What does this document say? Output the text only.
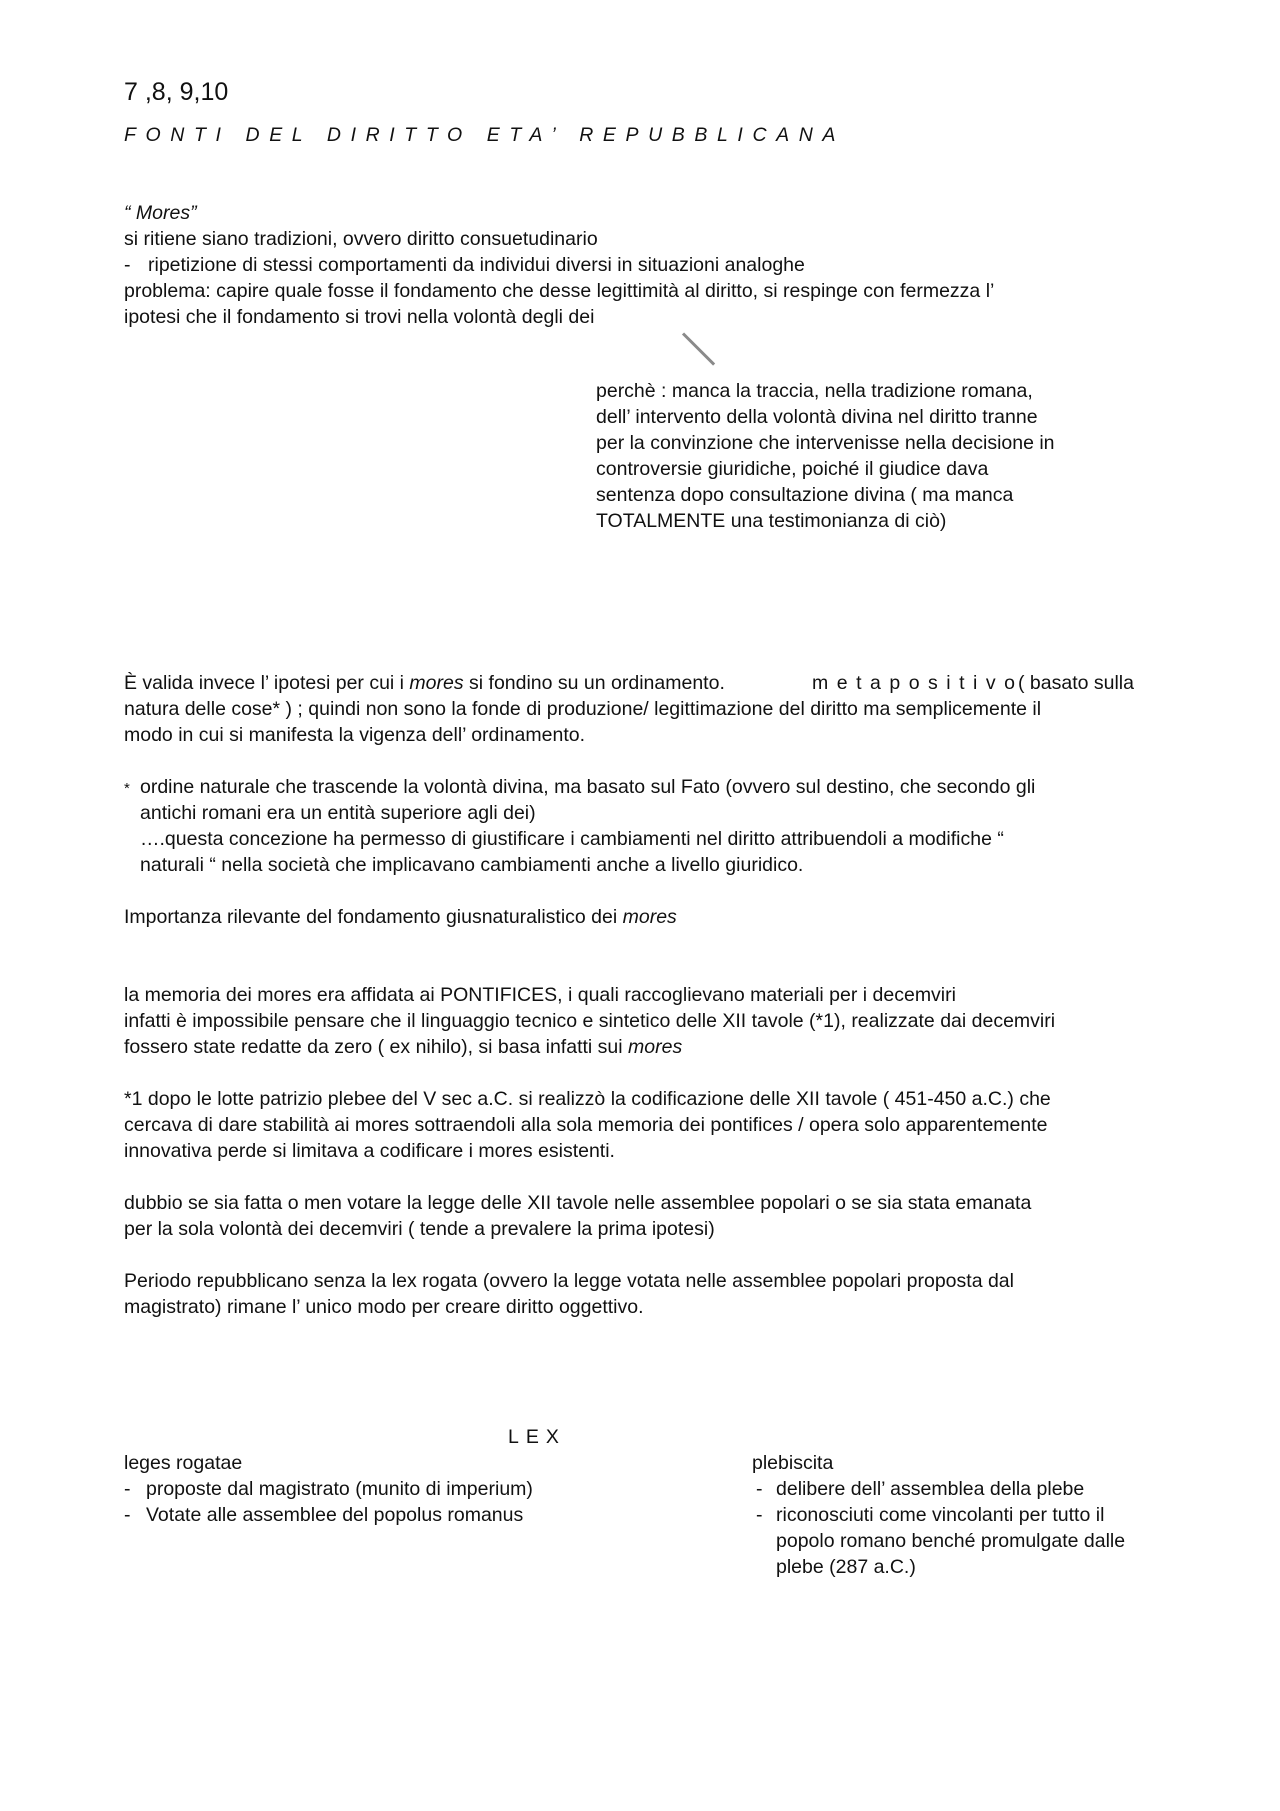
7 ,8, 9,10
FONTI DEL DIRITTO ETA’ REPUBBLICANA
“ Mores”
si ritiene siano tradizioni, ovvero diritto consuetudinario
- ripetizione di stessi comportamenti da individui diversi in situazioni analoghe
problema: capire quale fosse il fondamento che desse legittimità al diritto, si respinge con fermezza l’
ipotesi che il fondamento si trovi nella volontà degli dei
perchè : manca la traccia, nella tradizione romana,
dell’ intervento della volontà divina nel diritto tranne
per la convinzione che intervenisse nella decisione in
controversie giuridiche, poiché il giudice dava
sentenza dopo consultazione divina ( ma manca
TOTALMENTE una testimonianza di ciò)
È valida invece l’ ipotesi per cui i mores si fondino su un ordinamento.	metapositivo
( basato sulla
natura delle cose* ) ; quindi non sono la fonde di produzione/ legittimazione del diritto ma semplicemente il
modo in cui si manifesta la vigenza dell’ ordinamento.
* ordine naturale che trascende la volontà divina, ma basato sul Fato (ovvero sul destino, che secondo gli
antichi romani era un entità superiore agli dei)
….questa concezione ha permesso di giustificare i cambiamenti nel diritto attribuendoli a modifiche “
naturali “ nella società che implicavano cambiamenti anche a livello giuridico.
Importanza rilevante del fondamento giusnaturalistico dei mores
la memoria dei mores era affidata ai PONTIFICES, i quali raccoglievano materiali per i decemviri
infatti è impossibile pensare che il linguaggio tecnico e sintetico delle XII tavole (*1), realizzate dai decemviri
fossero state redatte da zero ( ex nihilo), si basa infatti sui mores
*1 dopo le lotte patrizio plebee del V sec a.C. si realizzò la codificazione delle XII tavole ( 451-450 a.C.) che
cercava di dare stabilità ai mores sottraendoli alla sola memoria dei pontifices / opera solo apparentemente
innovativa perde si limitava a codificare i mores esistenti.
dubbio se sia fatta o men votare la legge delle XII tavole nelle assemblee popolari o se sia stata emanata
per la sola volontà dei decemviri ( tende a prevalere la prima ipotesi)
Periodo repubblicano senza la lex rogata (ovvero la legge votata nelle assemblee popolari proposta dal
magistrato) rimane l’ unico modo per creare diritto oggettivo.
LEX
leges rogatae
- proposte dal magistrato (munito di imperium)
- Votate alle assemblee del popolus romanus
plebiscita
- delibere dell’ assemblea della plebe
- riconosciuti come vincolanti per tutto il
popolo romano benché promulgate dalle
plebe (287 a.C.)
